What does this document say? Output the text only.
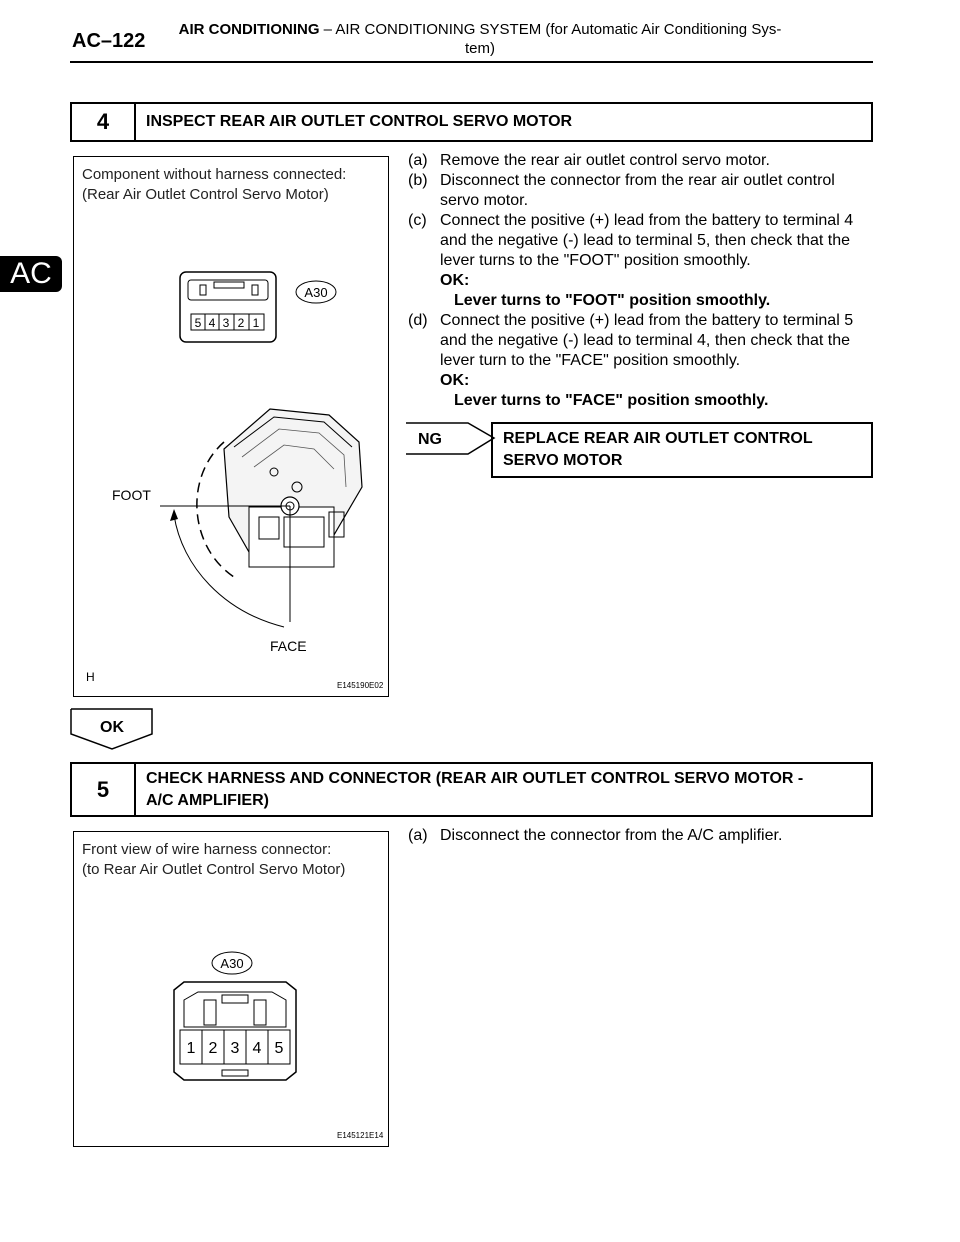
AC–122
AIR CONDITIONING – AIR CONDITIONING SYSTEM (for Automatic Air Conditioning Sys-
tem)
AC
4	INSPECT REAR AIR OUTLET CONTROL SERVO MOTOR
Component without harness connected:
(Rear Air Outlet Control Servo Motor)
5 4 3 2 1
A30
FOOT
FACE
H
E145190E02
(a) Remove the rear air outlet control servo motor.
(b) Disconnect the connector from the rear air outlet control servo motor.
(c) Connect the positive (+) lead from the battery to terminal 4 and the negative (-) lead to terminal 5, then check that the lever turns to the "FOOT" position smoothly.
OK:
Lever turns to "FOOT" position smoothly.
(d) Connect the positive (+) lead from the battery to terminal 5 and the negative (-) lead to terminal 4, then check that the lever turn to the "FACE" position smoothly.
OK:
Lever turns to "FACE" position smoothly.
NG	REPLACE REAR AIR OUTLET CONTROL
SERVO MOTOR
OK
5	CHECK HARNESS AND CONNECTOR (REAR AIR OUTLET CONTROL SERVO MOTOR -
A/C AMPLIFIER)
Front view of wire harness connector:
(to Rear Air Outlet Control Servo Motor)
A30
1 2 3 4 5
E145121E14
(a) Disconnect the connector from the A/C amplifier.
